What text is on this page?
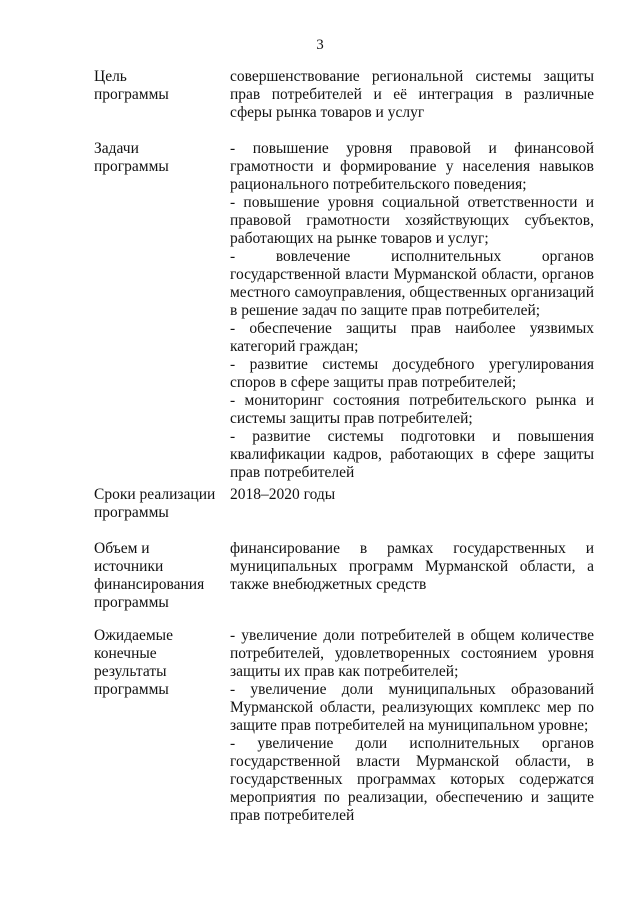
3
Цель
программы

совершенствование региональной системы защиты прав потребителей и её интеграция в различные сферы рынка товаров и услуг

Задачи
программы

- повышение уровня правовой и финансовой грамотности и формирование у населения навыков рационального потребительского поведения;

- повышение уровня социальной ответственности и правовой грамотности хозяйствующих субъектов, работающих на рынке товаров и услуг;

- вовлечение исполнительных органов государственной власти Мурманской области, органов местного самоуправления, общественных организаций в решение задач по защите прав потребителей;

- обеспечение защиты прав наиболее уязвимых категорий граждан;

- развитие системы досудебного урегулирования споров в сфере защиты прав потребителей;

- мониторинг состояния потребительского рынка и системы защиты прав потребителей;

- развитие системы подготовки и повышения квалификации кадров, работающих в сфере защиты прав потребителей

Сроки реализации
программы

2018–2020 годы

Объем и
источники
финансирования
программы

финансирование в рамках государственных и муниципальных программ Мурманской области, а также внебюджетных средств

Ожидаемые
конечные
результаты
программы

- увеличение доли потребителей в общем количестве потребителей, удовлетворенных состоянием уровня защиты их прав как потребителей;

- увеличение доли муниципальных образований Мурманской области, реализующих комплекс мер по защите прав потребителей на муниципальном уровне;

- увеличение доли исполнительных органов государственной власти Мурманской области, в государственных программах которых содержатся мероприятия по реализации, обеспечению и защите прав потребителей
